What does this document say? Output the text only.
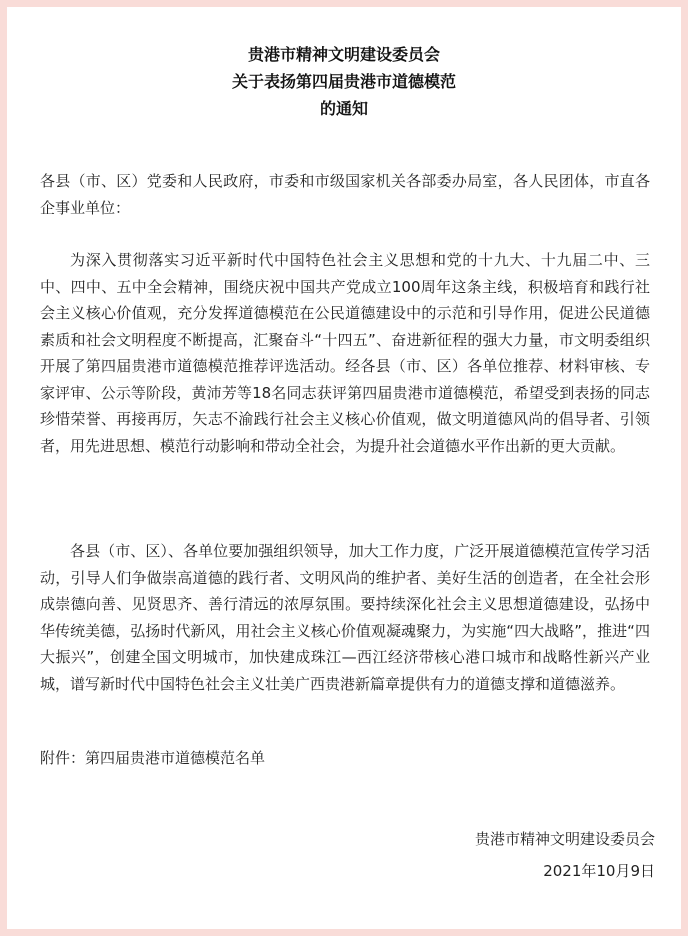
贵港市精神文明建设委员会
关于表扬第四届贵港市道德模范
的通知

各县（市、区）党委和人民政府，市委和市级国家机关各部委办局室，各人民团体，市直各企事业单位：

为深入贯彻落实习近平新时代中国特色社会主义思想和党的十九大、十九届二中、三中、四中、五中全会精神，围绕庆祝中国共产党成立100周年这条主线，积极培育和践行社会主义核心价值观，充分发挥道德模范在公民道德建设中的示范和引导作用，促进公民道德素质和社会文明程度不断提高，汇聚奋斗“十四五”、奋进新征程的强大力量，市文明委组织开展了第四届贵港市道德模范推荐评选活动。经各县（市、区）各单位推荐、材料审核、专家评审、公示等阶段，黄沛芳等18名同志获评第四届贵港市道德模范，希望受到表扬的同志珍惜荣誉、再接再厉，矢志不渝践行社会主义核心价值观，做文明道德风尚的倡导者、引领者，用先进思想、模范行动影响和带动全社会，为提升社会道德水平作出新的更大贡献。

各县（市、区）、各单位要加强组织领导，加大工作力度，广泛开展道德模范宣传学习活动，引导人们争做崇高道德的践行者、文明风尚的维护者、美好生活的创造者，在全社会形成崇德向善、见贤思齐、善行清远的浓厚氛围。要持续深化社会主义思想道德建设，弘扬中华传统美德，弘扬时代新风，用社会主义核心价值观凝魂聚力，为实施“四大战略”，推进“四大振兴”，创建全国文明城市，加快建成珠江—西江经济带核心港口城市和战略性新兴产业城，谱写新时代中国特色社会主义壮美广西贵港新篇章提供有力的道德支撑和道德滋养。

附件：第四届贵港市道德模范名单

贵港市精神文明建设委员会
2021年10月9日
